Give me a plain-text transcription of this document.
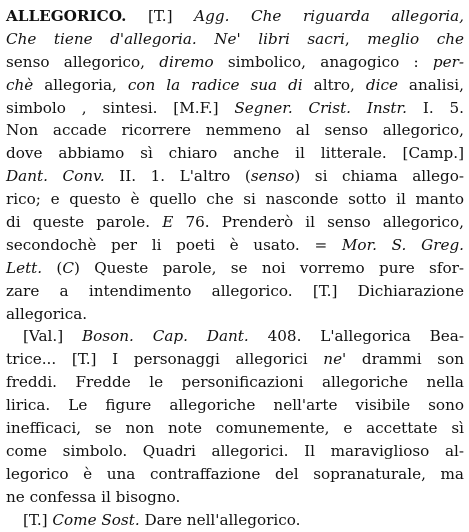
ALLEGORICO. [T.] Agg. Che riguarda allegoria,
Che tiene d'allegoria. Ne' libri sacri, meglio che
senso allegorico, diremo simbolico, anagogico : per-
chè allegoria, con la radice sua di altro, dice analisi,
simbolo , sintesi. [M.F.] Segner. Crist. Instr. I. 5.
Non accade ricorrere nemmeno al senso allegorico,
dove abbiamo sì chiaro anche il litterale. [Camp.]
Dant. Conv. II. 1. L'altro (senso) si chiama allego-
rico; e questo è quello che si nasconde sotto il manto
di queste parole. E 76. Prenderò il senso allegorico,
secondochè per li poeti è usato. = Mor. S. Greg.
Lett. (C) Queste parole, se noi vorremo pure sfor-
zare a intendimento allegorico. [T.] Dichiarazione
allegorica.
[Val.] Boson. Cap. Dant. 408. L'allegorica Bea-
trice... [T.] I personaggi allegorici ne' drammi son
freddi. Fredde le personificazioni allegoriche nella
lirica. Le figure allegoriche nell'arte visibile sono
inefficaci, se non note comunemente, e accettate sì
come simbolo. Quadri allegorici. Il maraviglioso al-
legorico è una contraffazione del sopranaturale, ma
ne confessa il bisogno.
[T.] Come Sost. Dare nell'allegorico.
